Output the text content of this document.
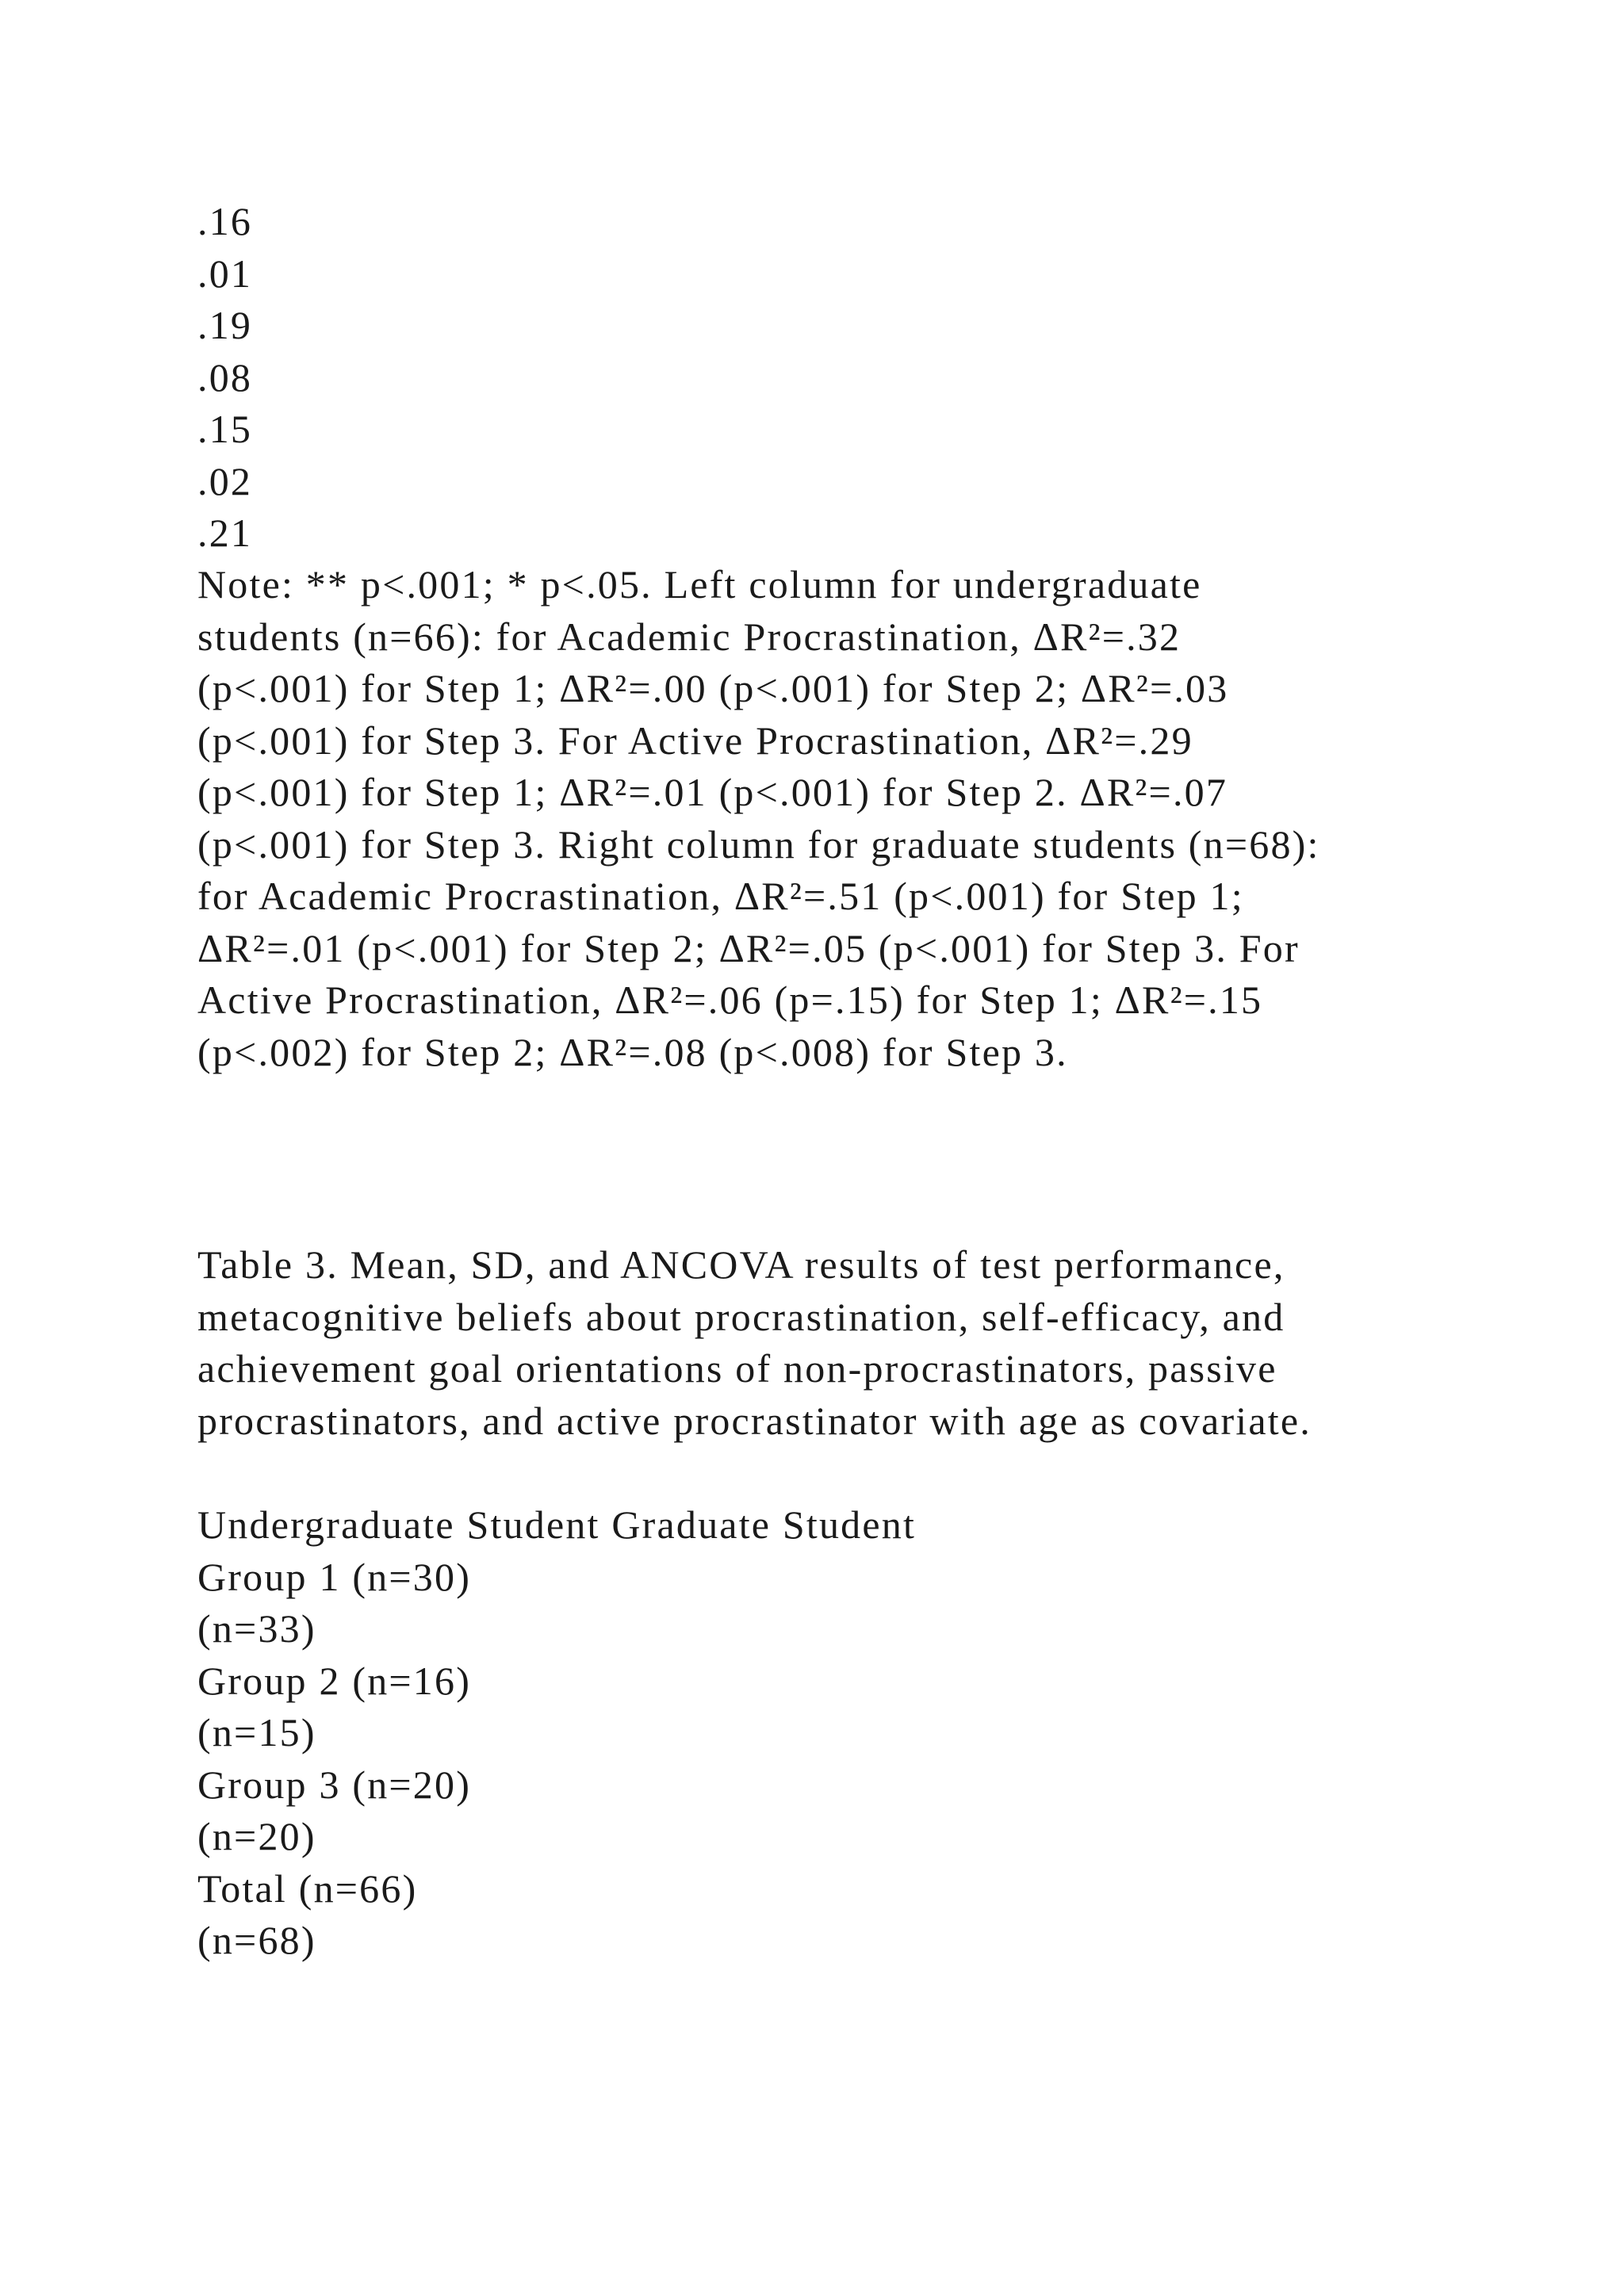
.16
.01
.19
.08
.15
.02
.21
Note: ** p<.001; * p<.05. Left column for undergraduate
students (n=66): for Academic Procrastination, ΔR²=.32
(p<.001) for Step 1; ΔR²=.00 (p<.001) for Step 2; ΔR²=.03
(p<.001) for Step 3. For Active Procrastination, ΔR²=.29
(p<.001) for Step 1; ΔR²=.01 (p<.001) for Step 2. ΔR²=.07
(p<.001) for Step 3. Right column for graduate students (n=68):
for Academic Procrastination, ΔR²=.51 (p<.001) for Step 1;
ΔR²=.01 (p<.001) for Step 2; ΔR²=.05 (p<.001) for Step 3. For
Active Procrastination, ΔR²=.06 (p=.15) for Step 1; ΔR²=.15
(p<.002) for Step 2; ΔR²=.08 (p<.008) for Step 3.
Table 3. Mean, SD, and ANCOVA results of test performance,
metacognitive beliefs about procrastination, self-efficacy, and
achievement goal orientations of non-procrastinators, passive
procrastinators, and active procrastinator with age as covariate.
Undergraduate Student Graduate Student
Group 1 (n=30)
(n=33)
Group 2 (n=16)
(n=15)
Group 3 (n=20)
(n=20)
Total (n=66)
(n=68)
